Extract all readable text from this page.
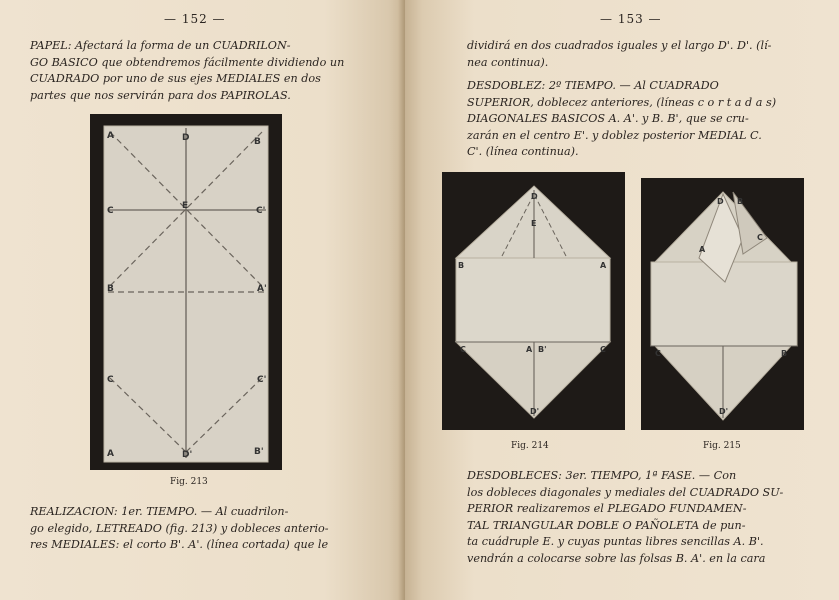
— 152 —
PAPEL: Afectará la forma de un CUADRILON-
GO BASICO que obtendremos fácilmente dividiendo un
CUADRADO por uno de sus ejes MEDIALES en dos
partes que nos servirán para dos PAPIROLAS.
A	D	B
C	E	C'
B	A'
C	C'
A	D'	B'
Fig. 213
REALIZACION: 1er. TIEMPO. — Al cuadrilon-
go elegido, LETREADO (fig. 213) y dobleces anterio-
res MEDIALES: el corto B'. A'. (línea cortada) que le
— 153 —
dividirá en dos cuadrados iguales y el largo D'. D'. (lí-
nea continua).
DESDOBLEZ: 2º TIEMPO. — Al CUADRADO
SUPERIOR, doblecez anteriores, (líneas c o r t a d a s)
DIAGONALES BASICOS A. A'. y B. B', que se cru-
zarán en el centro E'. y doblez posterior MEDIAL C.
C'. (línea continua).
D
E
B	A
C	A B'	C
D'
Fig. 214
D B
C
A
D'
C	B
Fig. 215
DESDOBLECES: 3er. TIEMPO, 1ª FASE. — Con
los dobleces diagonales y mediales del CUADRADO SU-
PERIOR realizaremos el PLEGADO FUNDAMEN-
TAL TRIANGULAR DOBLE O PAÑOLETA de pun-
ta cuádruple E. y cuyas puntas libres sencillas A. B'.
vendrán a colocarse sobre las folsas B. A'. en la cara
